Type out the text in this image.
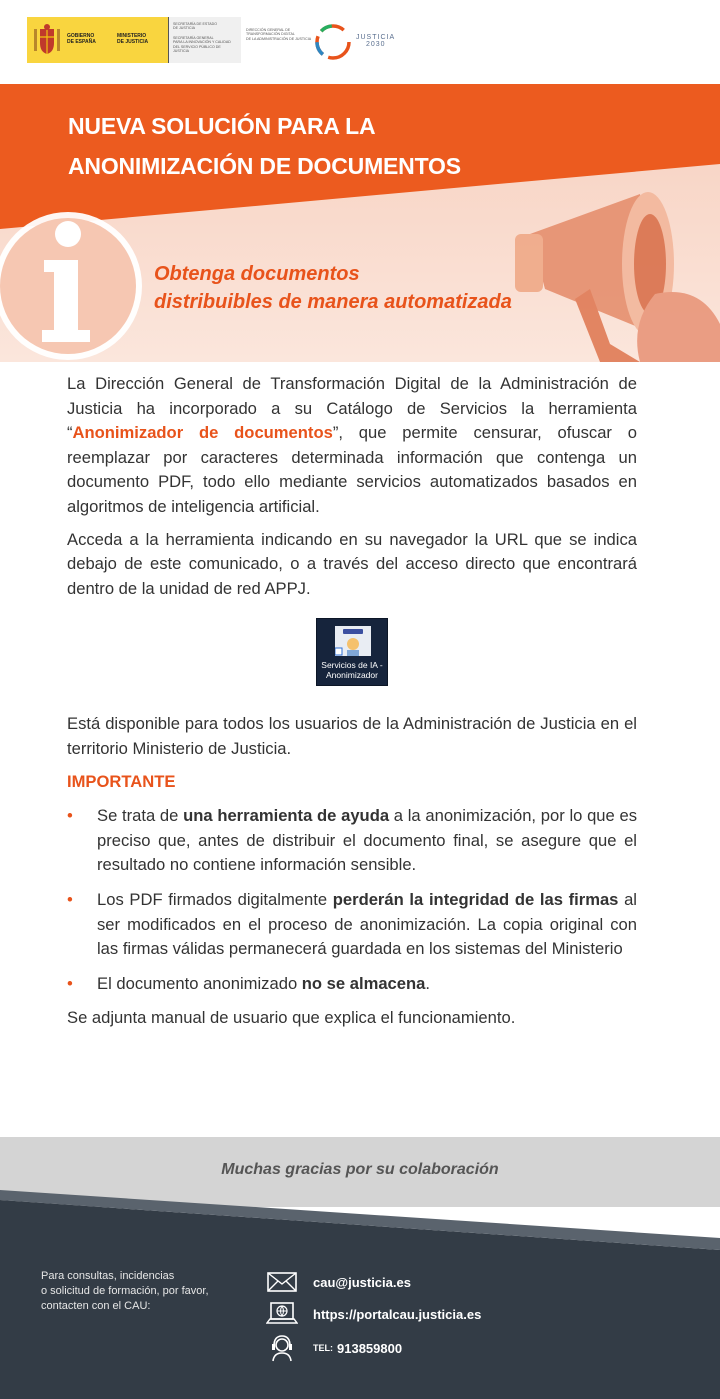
GOBIERNO
DE ESPAÑA
MINISTERIO
DE JUSTICIA
SECRETARÍA DE ESTADO
DE JUSTICIA
SECRETARÍA GENERAL
PARA LA INNOVACIÓN Y CALIDAD
DEL SERVICIO PÚBLICO DE JUSTICIA
DIRECCIÓN GENERAL DE
TRANSFORMACIÓN DIGITAL
DE LA ADMINISTRACIÓN DE JUSTICIA	JUSTICIA
2030
NUEVA SOLUCIÓN PARA LA
ANONIMIZACIÓN DE DOCUMENTOS
Obtenga documentos
distribuibles de manera automatizada

La Dirección General de Transformación Digital de la Administración de Justicia ha incorporado a su Catálogo de Servicios la herramienta “Anonimizador de documentos”, que permite censurar, ofuscar o reemplazar por caracteres determinada información que contenga un documento PDF, todo ello mediante servicios automatizados basados en algoritmos de inteligencia artificial.

Acceda a la herramienta indicando en su navegador la URL que se indica debajo de este comunicado, o a través del acceso directo que encontrará dentro de la unidad de red APPJ.

Servicios de IA -
Anonimizador

Está disponible para todos los usuarios de la Administración de Justicia en el territorio Ministerio de Justicia.

IMPORTANTE
• Se trata de una herramienta de ayuda a la anonimización, por lo que es preciso que, antes de distribuir el documento final, se asegure que el resultado no contiene información sensible.
• Los PDF firmados digitalmente perderán la integridad de las firmas al ser modificados en el proceso de anonimización. La copia original con las firmas válidas permanecerá guardada en los sistemas del Ministerio
• El documento anonimizado no se almacena.

Se adjunta manual de usuario que explica el funcionamiento.

Muchas gracias por su colaboración
Para consultas, incidencias
o solicitud de formación, por favor,
contacten con el CAU:
cau@justicia.es
https://portalcau.justicia.es
TEL: 913859800
